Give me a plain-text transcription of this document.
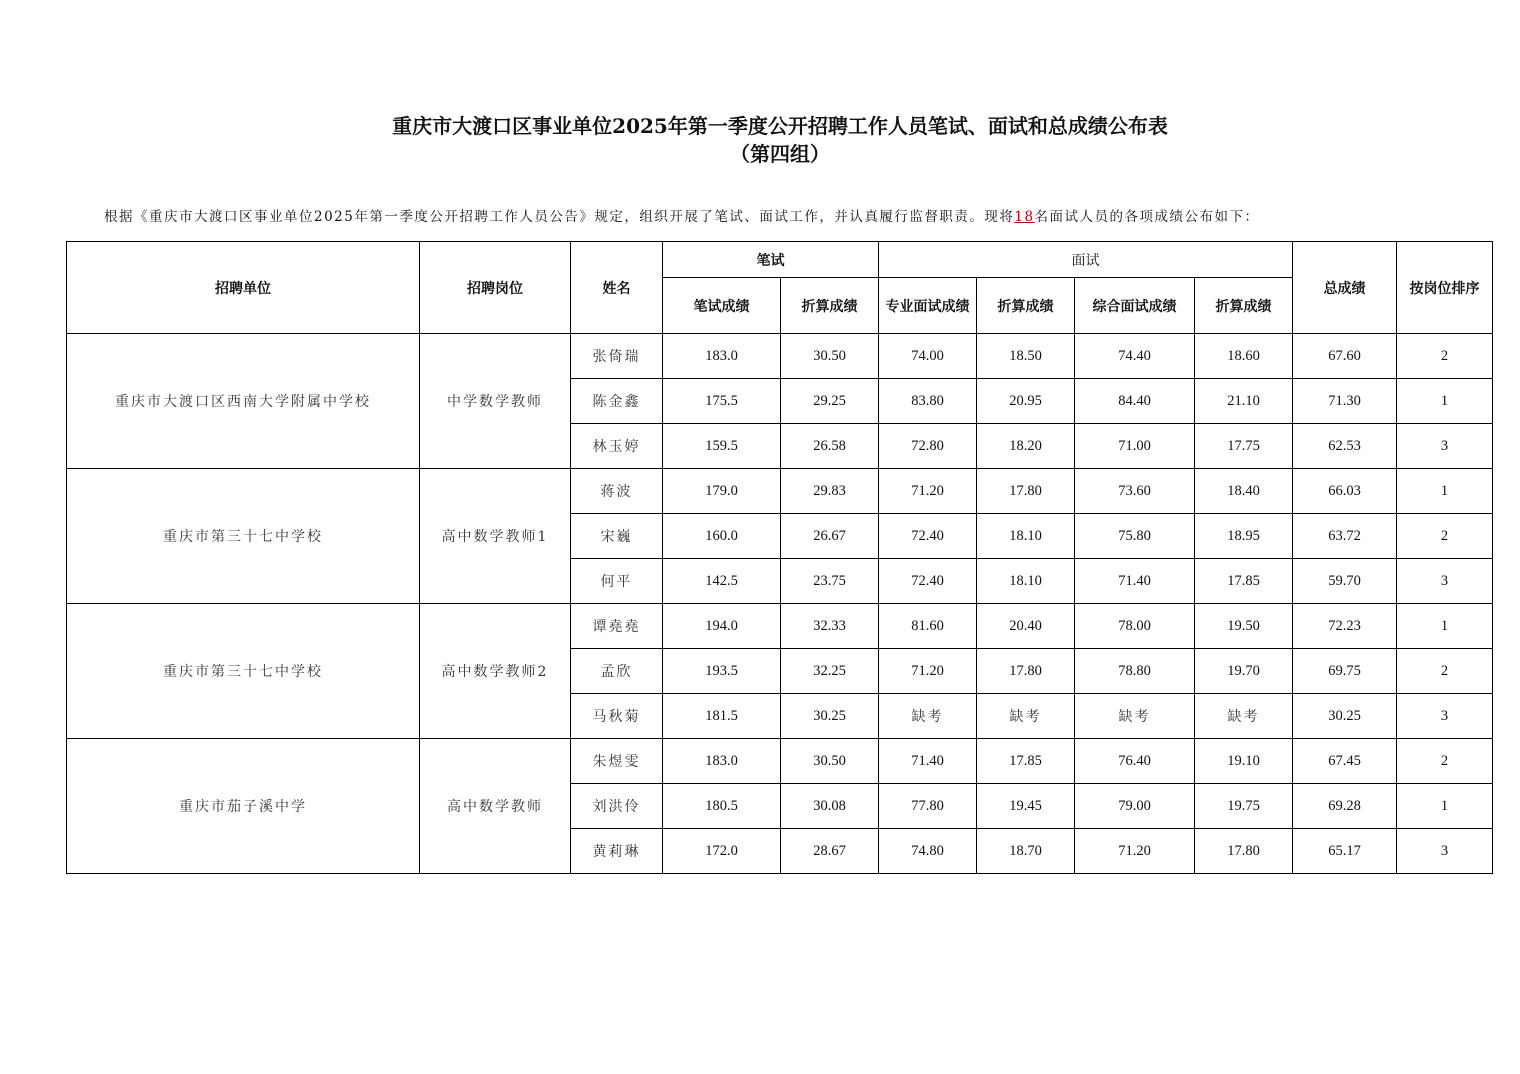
重庆市大渡口区事业单位2025年第一季度公开招聘工作人员笔试、面试和总成绩公布表
（第四组）
根据《重庆市大渡口区事业单位2025年第一季度公开招聘工作人员公告》规定，组织开展了笔试、面试工作，并认真履行监督职责。现将18名面试人员的各项成绩公布如下：
招聘单位	招聘岗位	姓名	笔试		面试				总成绩	按岗位排序
			笔试成绩	折算成绩	专业面试成绩	折算成绩	综合面试成绩	折算成绩		
重庆市大渡口区西南大学附属中学校	中学数学教师	张倚瑞	183.0	30.50	74.00	18.50	74.40	18.60	67.60	2
		陈金鑫	175.5	29.25	83.80	20.95	84.40	21.10	71.30	1
		林玉婷	159.5	26.58	72.80	18.20	71.00	17.75	62.53	3
重庆市第三十七中学校	高中数学教师1	蒋波	179.0	29.83	71.20	17.80	73.60	18.40	66.03	1
		宋巍	160.0	26.67	72.40	18.10	75.80	18.95	63.72	2
		何平	142.5	23.75	72.40	18.10	71.40	17.85	59.70	3
重庆市第三十七中学校	高中数学教师2	谭堯堯	194.0	32.33	81.60	20.40	78.00	19.50	72.23	1
		孟欣	193.5	32.25	71.20	17.80	78.80	19.70	69.75	2
		马秋菊	181.5	30.25	缺考	缺考	缺考	缺考	30.25	3
重庆市茄子溪中学	高中数学教师	朱煜雯	183.0	30.50	71.40	17.85	76.40	19.10	67.45	2
		刘洪伶	180.5	30.08	77.80	19.45	79.00	19.75	69.28	1
		黄莉琳	172.0	28.67	74.80	18.70	71.20	17.80	65.17	3
